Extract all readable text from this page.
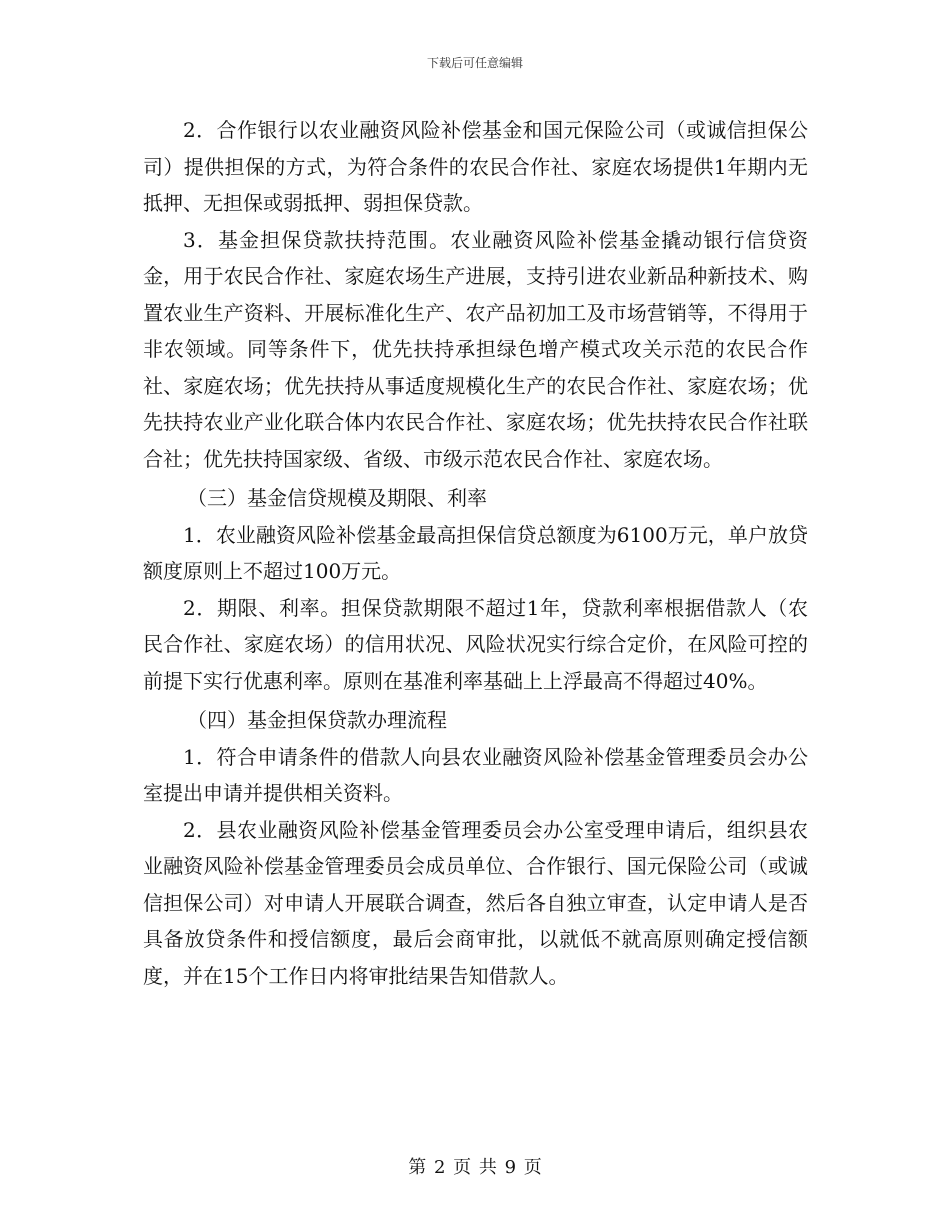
下载后可任意编辑

2．合作银行以农业融资风险补偿基金和国元保险公司（或诚信担保公司）提供担保的方式，为符合条件的农民合作社、家庭农场提供1年期内无抵押、无担保或弱抵押、弱担保贷款。

3．基金担保贷款扶持范围。农业融资风险补偿基金撬动银行信贷资金，用于农民合作社、家庭农场生产进展，支持引进农业新品种新技术、购置农业生产资料、开展标准化生产、农产品初加工及市场营销等，不得用于非农领域。同等条件下，优先扶持承担绿色增产模式攻关示范的农民合作社、家庭农场；优先扶持从事适度规模化生产的农民合作社、家庭农场；优先扶持农业产业化联合体内农民合作社、家庭农场；优先扶持农民合作社联合社；优先扶持国家级、省级、市级示范农民合作社、家庭农场。

（三）基金信贷规模及期限、利率

1．农业融资风险补偿基金最高担保信贷总额度为6100万元，单户放贷额度原则上不超过100万元。

2．期限、利率。担保贷款期限不超过1年，贷款利率根据借款人（农民合作社、家庭农场）的信用状况、风险状况实行综合定价，在风险可控的前提下实行优惠利率。原则在基准利率基础上上浮最高不得超过40%。

（四）基金担保贷款办理流程

1．符合申请条件的借款人向县农业融资风险补偿基金管理委员会办公室提出申请并提供相关资料。

2．县农业融资风险补偿基金管理委员会办公室受理申请后，组织县农业融资风险补偿基金管理委员会成员单位、合作银行、国元保险公司（或诚信担保公司）对申请人开展联合调查，然后各自独立审查，认定申请人是否具备放贷条件和授信额度，最后会商审批，以就低不就高原则确定授信额度，并在15个工作日内将审批结果告知借款人。

第 2 页 共 9 页
